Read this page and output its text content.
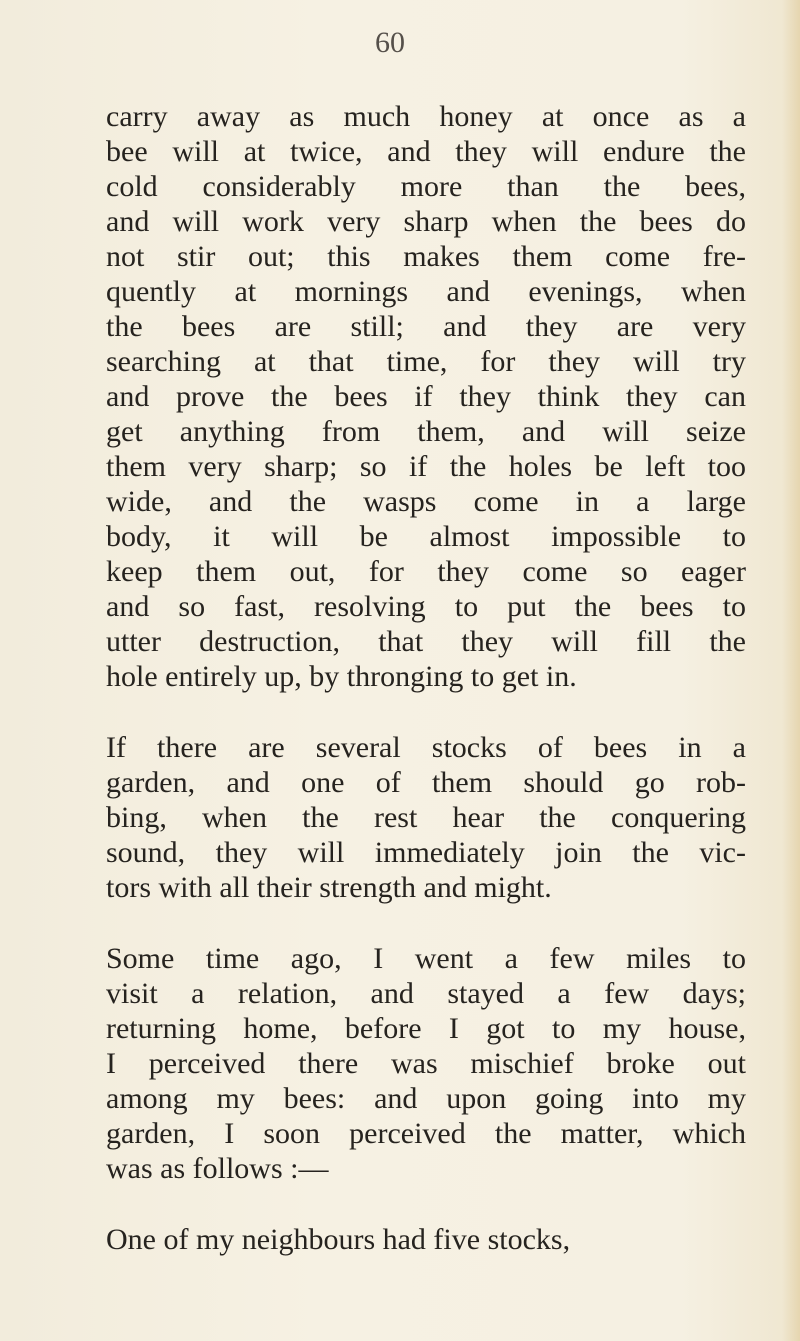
60
carry away as much honey at once as a
bee will at twice, and they will endure the
cold considerably more than the bees,
and will work very sharp when the bees do
not stir out; this makes them come fre-
quently at mornings and evenings, when
the bees are still; and they are very
searching at that time, for they will try
and prove the bees if they think they can
get anything from them, and will seize
them very sharp; so if the holes be left too
wide, and the wasps come in a large
body, it will be almost impossible to
keep them out, for they come so eager
and so fast, resolving to put the bees to
utter destruction, that they will fill the
hole entirely up, by thronging to get in.
If there are several stocks of bees in a
garden, and one of them should go rob-
bing, when the rest hear the conquering
sound, they will immediately join the vic-
tors with all their strength and might.
Some time ago, I went a few miles to
visit a relation, and stayed a few days;
returning home, before I got to my house,
I perceived there was mischief broke out
among my bees: and upon going into my
garden, I soon perceived the matter, which
was as follows :—
One of my neighbours had five stocks,
